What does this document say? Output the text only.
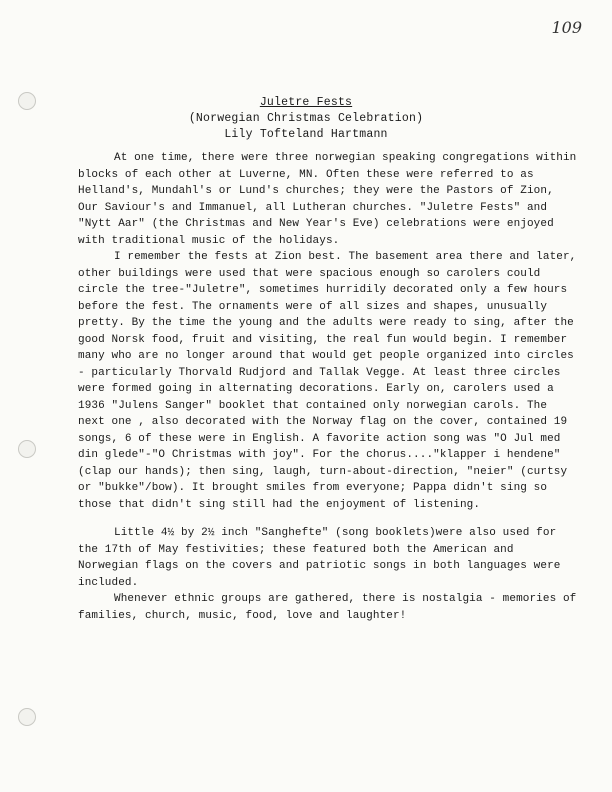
109
Juletre Fests
(Norwegian Christmas Celebration)
Lily Tofteland Hartmann

At one time, there were three norwegian speaking congregations within blocks of each other at Luverne, MN. Often these were referred to as Helland's, Mundahl's or Lund's churches; they were the Pastors of Zion, Our Saviour's and Immanuel, all Lutheran churches. "Juletre Fests" and "Nytt Aar" (the Christmas and New Year's Eve) celebrations were enjoyed with traditional music of the holidays.

I remember the fests at Zion best. The basement area there and later, other buildings were used that were spacious enough so carolers could circle the tree-"Juletre", sometimes hurridily decorated only a few hours before the fest. The ornaments were of all sizes and shapes, unusually pretty. By the time the young and the adults were ready to sing, after the good Norsk food, fruit and visiting, the real fun would begin. I remember many who are no longer around that would get people organized into circles - particularly Thorvald Rudjord and Tallak Vegge. At least three circles were formed going in alternating decorations. Early on, carolers used a 1936 "Julens Sanger" booklet that contained only norwegian carols. The next one , also decorated with the Norway flag on the cover, contained 19 songs, 6 of these were in English. A favorite action song was "O Jul med din glede"-"O Christmas with joy". For the chorus...."klapper i hendene" (clap our hands); then sing, laugh, turn-about-direction, "neier" (curtsy or "bukke"/bow). It brought smiles from everyone; Pappa didn't sing so those that didn't sing still had the enjoyment of listening.

Little 4½ by 2½ inch "Sanghefte" (song booklets)were also used for the 17th of May festivities; these featured both the American and Norwegian flags on the covers and patriotic songs in both languages were included.

Whenever ethnic groups are gathered, there is nostalgia - memories of families, church, music, food, love and laughter!
